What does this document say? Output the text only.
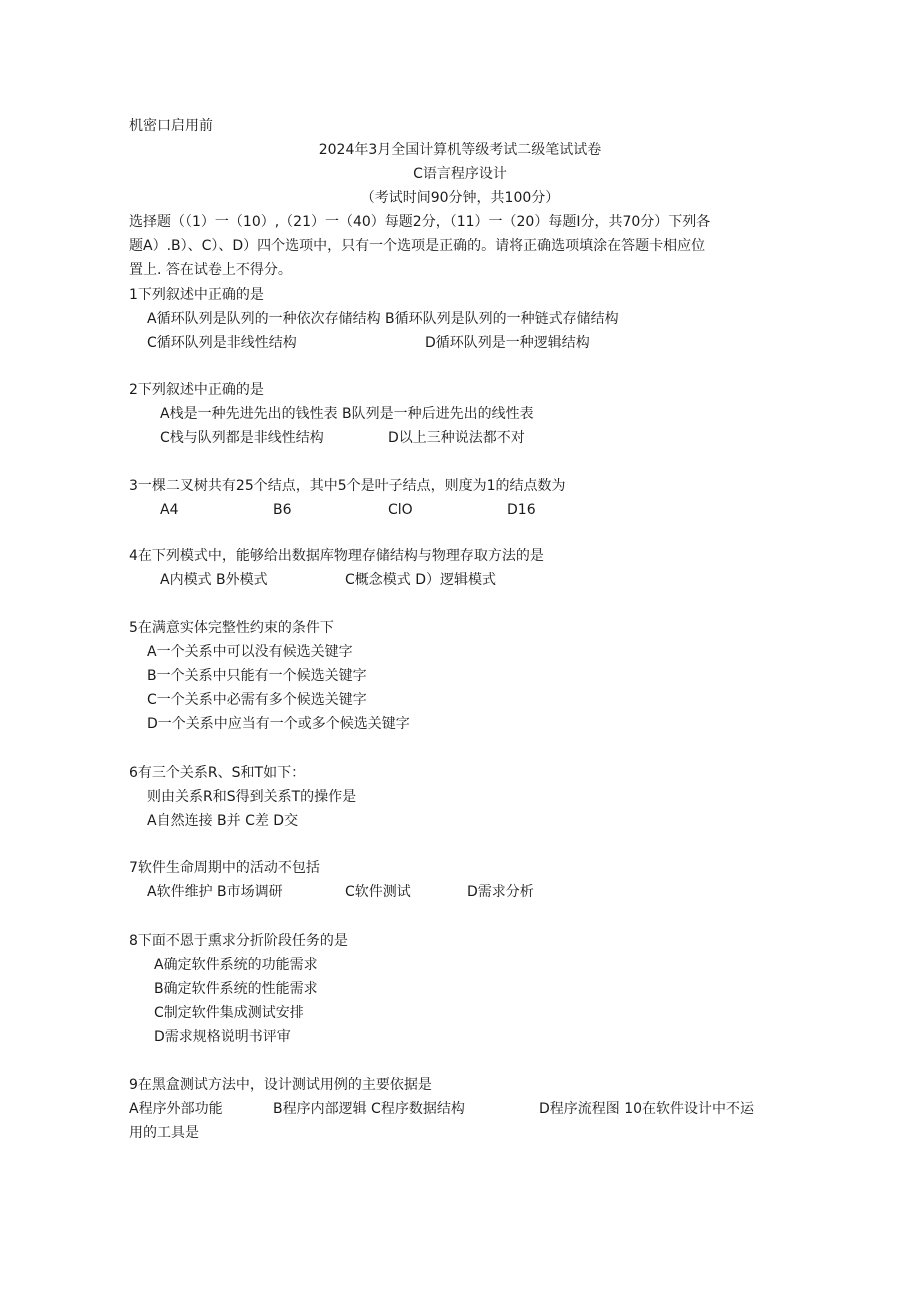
机密口启用前
2024年3月全国计算机等级考试二级笔试试卷
C语言程序设计
（考试时间90分钟，共100分）
选择题（（1）一（10）,（21）一（40）每题2分，（11）一（20）每题I分，共70分）下列各
题A）.B）、C）、D）四个选项中，只有一个选项是正确的。请将正确选项填涂在答题卡相应位
置上. 答在试卷上不得分。
1下列叙述中正确的是
A循环队列是队列的一种依次存储结构 B循环队列是队列的一种链式存储结构
C循环队列是非线性结构	D循环队列是一种逻辑结构
2下列叙述中正确的是
A栈是一种先进先出的钱性表 B队列是一种后进先出的线性表
C栈与队列都是非线性结构	D以上三种说法都不对
3一棵二叉树共有25个结点，其中5个是叶子结点，则度为1的结点数为
A4	B6	ClO	D16
4在下列模式中，能够给出数据库物理存储结构与物理存取方法的是
A内模式 B外模式	C概念模式 D）逻辑模式
5在满意实体完整性约束的条件下
A一个关系中可以没有候选关键字
B一个关系中只能有一个候选关键字
C一个关系中必需有多个候选关键字
D一个关系中应当有一个或多个候选关键字
6有三个关系R、S和T如下：
则由关系R和S得到关系T的操作是
A自然连接 B并 C差 D交
7软件生命周期中的活动不包括
A软件维护 B市场调研	C软件测试	D需求分析
8下面不恩于熏求分折阶段任务的是
A确定软件系统的功能需求
B确定软件系统的性能需求
C制定软件集成测试安排
D需求规格说明书评审
9在黑盒测试方法中，设计测试用例的主要依据是
A程序外部功能	B程序内部逻辑 C程序数据结构	D程序流程图 10在软件设计中不运
用的工具是
